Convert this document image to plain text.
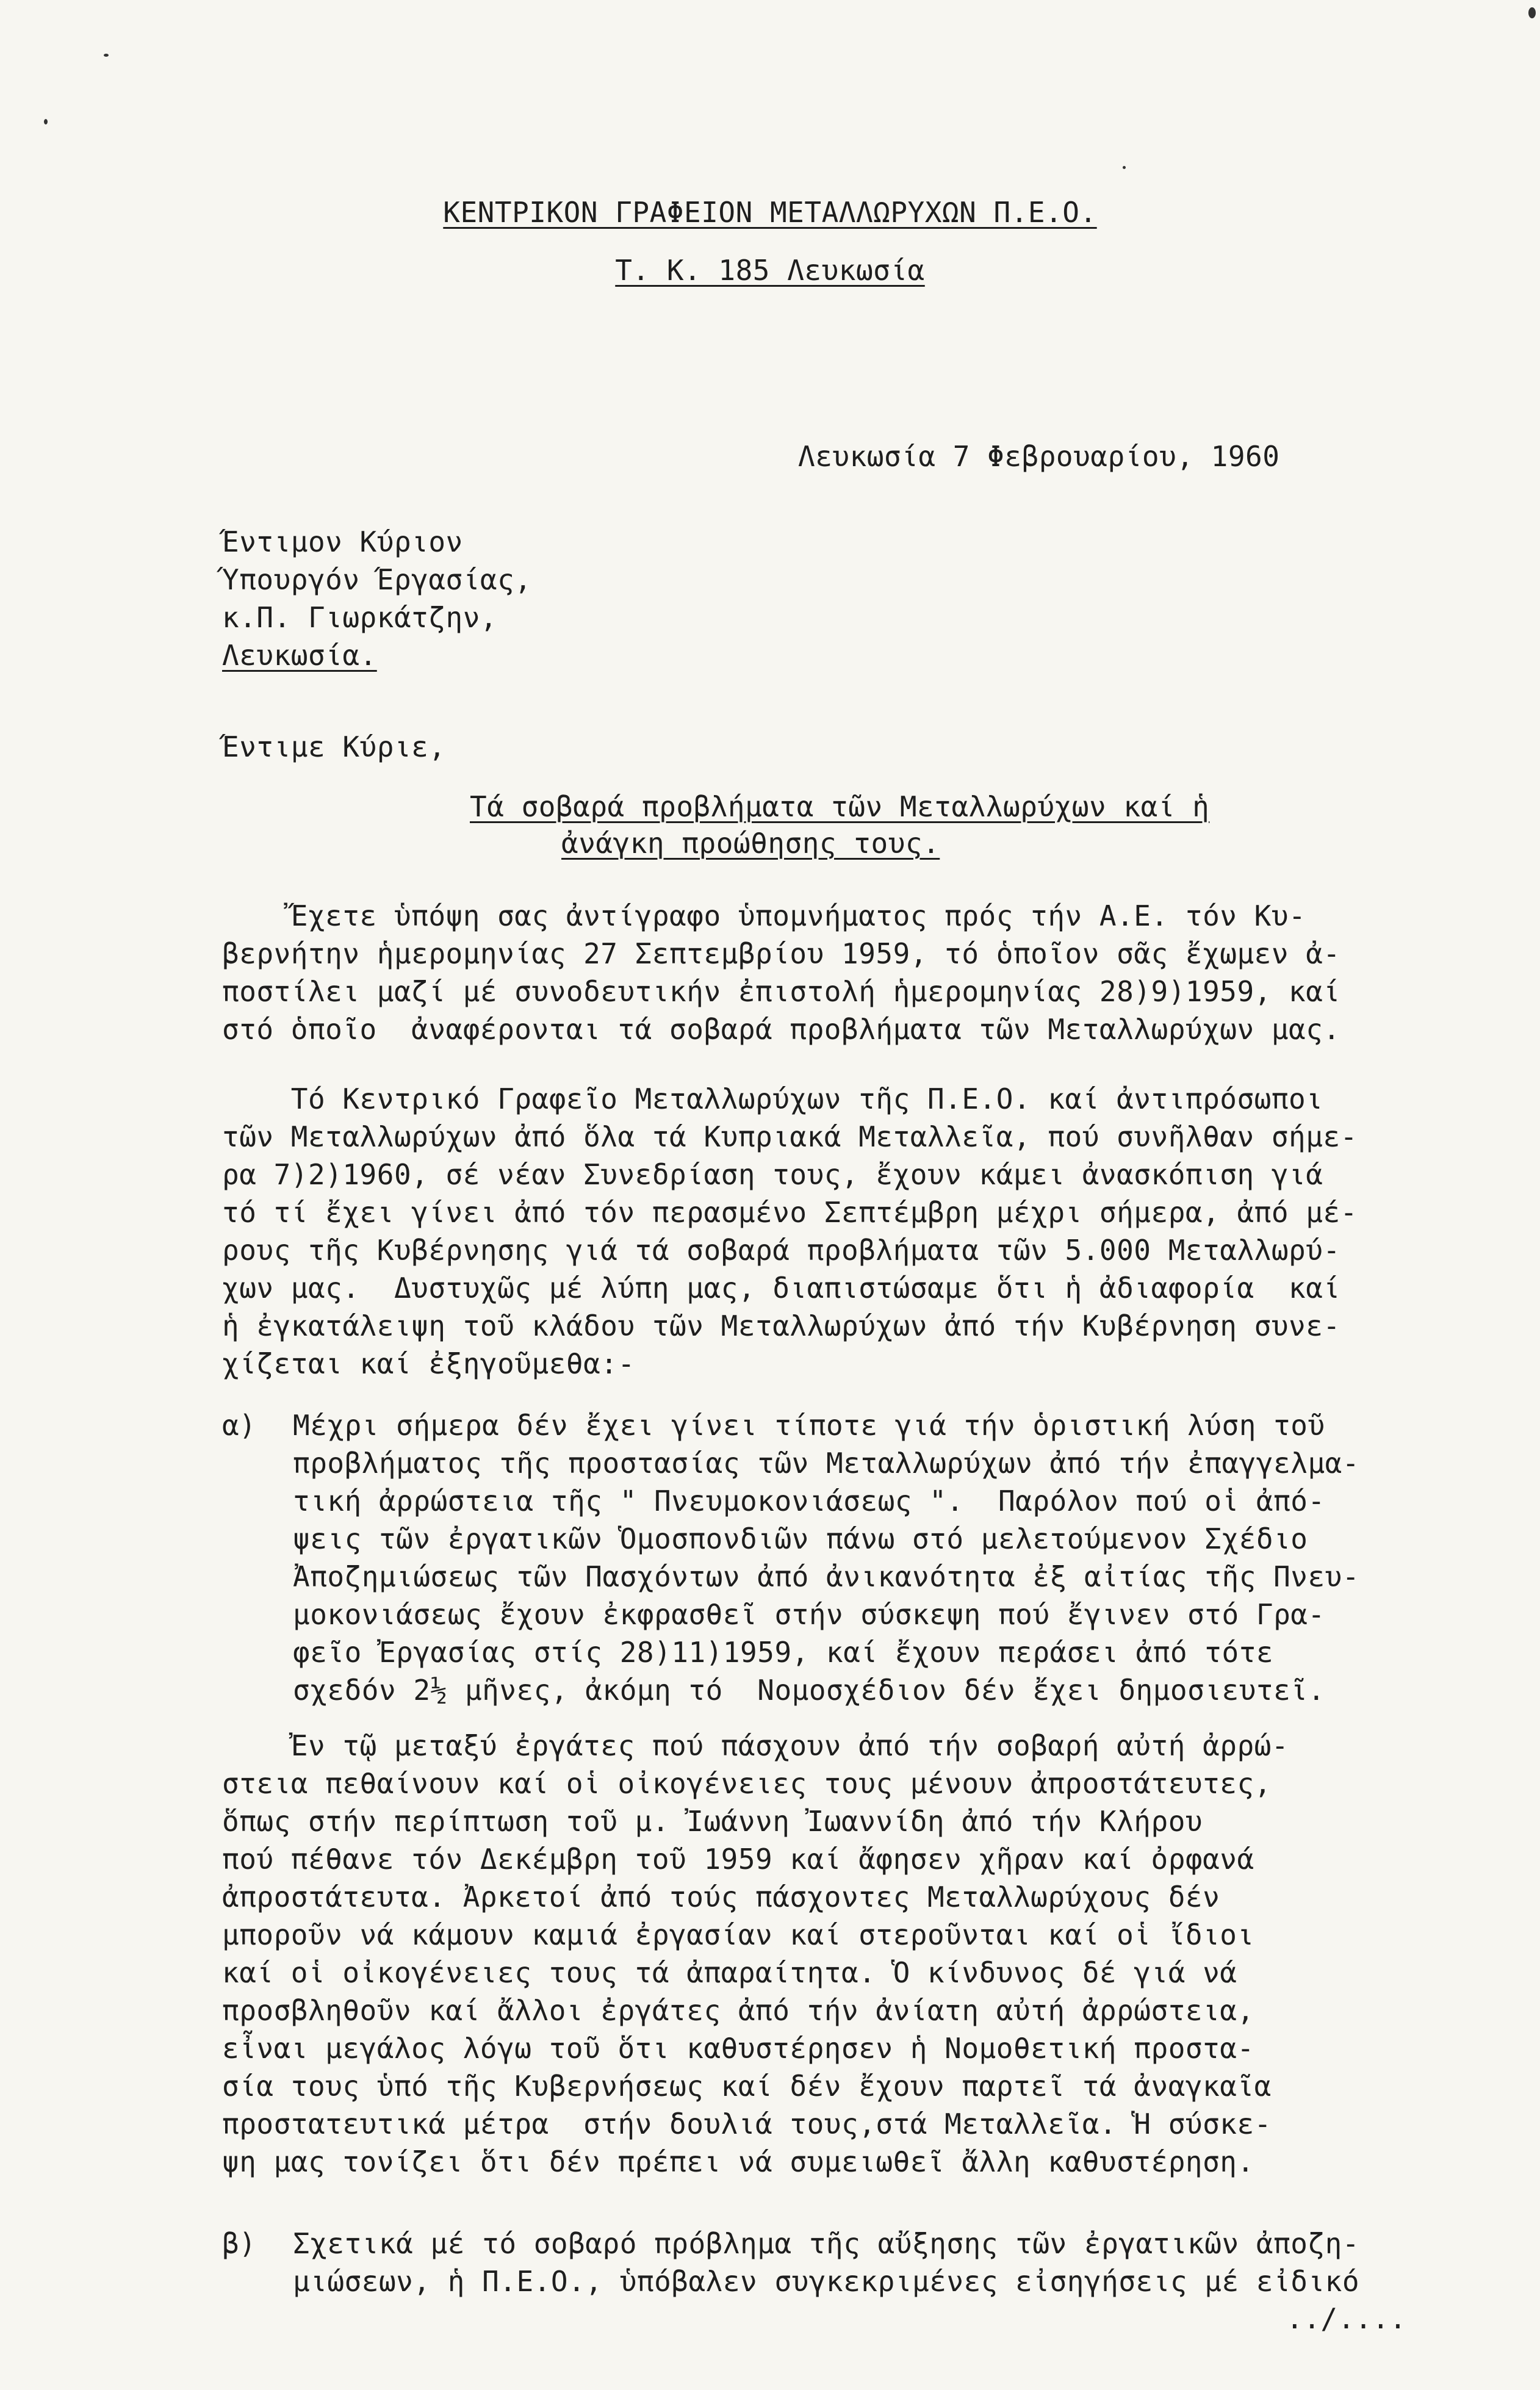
ΚΕΝΤΡΙΚΟΝ ΓΡΑΦΕΙΟΝ ΜΕΤΑΛΛΩΡΥΧΩΝ Π.Ε.Ο.
Τ. Κ. 185 Λευκωσία
Λευκωσία 7 Φεβρουαρίου, 1960
Έντιμον Κύριον
Ύπουργόν Έργασίας,
κ.Π. Γιωρκάτζην,
Λευκωσία.
Έντιμε Κύριε,
Τά σοβαρά προβλήματα τῶν Μεταλλωρύχων καί ἡ
ἀνάγκη προώθησης τους.
Ἔχετε ὑπόψη σας ἀντίγραφο ὑπομνήματος πρός τήν Α.Ε. τόν Κυ-
βερνήτην ἡμερομηνίας 27 Σεπτεμβρίου 1959, τό ὁποῖον σᾶς ἔχωμεν ἀ-
ποστίλει μαζί μέ συνοδευτικήν ἐπιστολή ἡμερομηνίας 28)9)1959, καί
στό ὁποῖο  ἀναφέρονται τά σοβαρά προβλήματα τῶν Μεταλλωρύχων μας.
Τό Κεντρικό Γραφεῖο Μεταλλωρύχων τῆς Π.Ε.Ο. καί ἀντιπρόσωποι
τῶν Μεταλλωρύχων ἀπό ὅλα τά Κυπριακά Μεταλλεῖα, πού συνῆλθαν σήμε-
ρα 7)2)1960, σέ νέαν Συνεδρίαση τους, ἔχουν κάμει ἀνασκόπιση γιά
τό τί ἔχει γίνει ἀπό τόν περασμένο Σεπτέμβρη μέχρι σήμερα, ἀπό μέ-
ρους τῆς Κυβέρνησης γιά τά σοβαρά προβλήματα τῶν 5.000 Μεταλλωρύ-
χων μας.  Δυστυχῶς μέ λύπη μας, διαπιστώσαμε ὅτι ἡ ἀδιαφορία  καί
ἡ ἐγκατάλειψη τοῦ κλάδου τῶν Μεταλλωρύχων ἀπό τήν Κυβέρνηση συνε-
χίζεται καί ἐξηγοῦμεθα:-
α) Μέχρι σήμερα δέν ἔχει γίνει τίποτε γιά τήν ὁριστική λύση τοῦ
προβλήματος τῆς προστασίας τῶν Μεταλλωρύχων ἀπό τήν ἐπαγγελμα-
τική ἀρρώστεια τῆς " Πνευμοκονιάσεως ".  Παρόλον πού οἱ ἀπό-
ψεις τῶν ἐργατικῶν Ὁμοσπονδιῶν πάνω στό μελετούμενον Σχέδιο
Ἀποζημιώσεως τῶν Πασχόντων ἀπό ἀνικανότητα ἐξ αἰτίας τῆς Πνευ-
μοκονιάσεως ἔχουν ἐκφρασθεῖ στήν σύσκεψη πού ἔγινεν στό Γρα-
φεῖο Ἐργασίας στίς 28)11)1959, καί ἔχουν περάσει ἀπό τότε
σχεδόν 2½ μῆνες, ἀκόμη τό  Νομοσχέδιον δέν ἔχει δημοσιευτεῖ.
Ἐν τῷ μεταξύ ἐργάτες πού πάσχουν ἀπό τήν σοβαρή αὐτή ἀρρώ-
στεια πεθαίνουν καί οἱ οἰκογένειες τους μένουν ἀπροστάτευτες,
ὅπως στήν περίπτωση τοῦ μ. Ἰωάννη Ἰωαννίδη ἀπό τήν Κλήρου
πού πέθανε τόν Δεκέμβρη τοῦ 1959 καί ἄφησεν χῆραν καί ὀρφανά
ἀπροστάτευτα. Ἀρκετοί ἀπό τούς πάσχοντες Μεταλλωρύχους δέν
μποροῦν νά κάμουν καμιά ἐργασίαν καί στεροῦνται καί οἱ ἴδιοι
καί οἱ οἰκογένειες τους τά ἀπαραίτητα. Ὁ κίνδυνος δέ γιά νά
προσβληθοῦν καί ἄλλοι ἐργάτες ἀπό τήν ἀνίατη αὐτή ἀρρώστεια,
εἶναι μεγάλος λόγω τοῦ ὅτι καθυστέρησεν ἡ Νομοθετική προστα-
σία τους ὑπό τῆς Κυβερνήσεως καί δέν ἔχουν παρτεῖ τά ἀναγκαῖα
προστατευτικά μέτρα  στήν δουλιά τους,στά Μεταλλεῖα. Ἡ σύσκε-
ψη μας τονίζει ὅτι δέν πρέπει νά συμειωθεῖ ἄλλη καθυστέρηση.
β) Σχετικά μέ τό σοβαρό πρόβλημα τῆς αὔξησης τῶν ἐργατικῶν ἀποζη-
μιώσεων, ἡ Π.Ε.Ο., ὑπόβαλεν συγκεκριμένες εἰσηγήσεις μέ εἰδικό
../....
